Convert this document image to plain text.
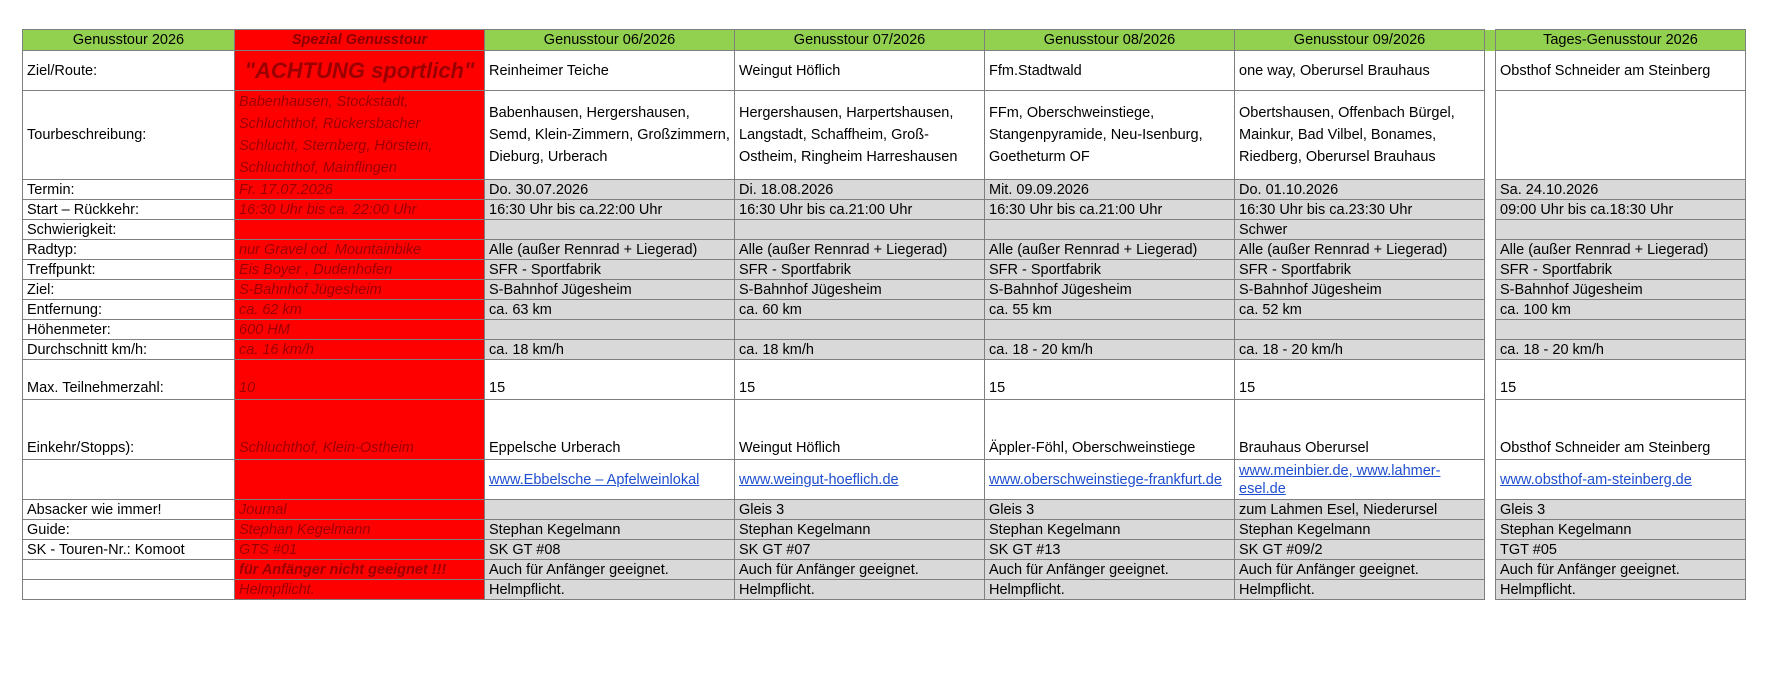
Genusstour 2026	Spezial Genusstour	Genusstour 06/2026	Genusstour 07/2026	Genusstour 08/2026	Genusstour 09/2026		Tages-Genusstour 2026
Ziel/Route:	"ACHTUNG sportlich"	Reinheimer Teiche	Weingut Höflich	Ffm.Stadtwald	one way, Oberursel Brauhaus		Obsthof Schneider am Steinberg
Tourbeschreibung:	Babenhausen, Stockstadt, Schluchthof, Rückersbacher Schlucht, Sternberg, Hörstein, Schluchthof, Mainflingen	Babenhausen, Hergershausen, Semd, Klein-Zimmern, Großzimmern, Dieburg, Urberach	Hergershausen, Harpertshausen, Langstadt, Schaffheim, Groß-Ostheim, Ringheim Harreshausen	FFm, Oberschweinstiege, Stangenpyramide, Neu-Isenburg, Goetheturm OF	Obertshausen, Offenbach Bürgel, Mainkur, Bad Vilbel, Bonames, Riedberg, Oberursel Brauhaus		
Termin:	Fr. 17.07.2026	Do. 30.07.2026	Di. 18.08.2026	Mit. 09.09.2026	Do. 01.10.2026		Sa. 24.10.2026
Start – Rückkehr:	16:30 Uhr bis ca. 22:00 Uhr	16:30 Uhr bis ca.22:00 Uhr	16:30 Uhr bis ca.21:00 Uhr	16:30 Uhr bis ca.21:00 Uhr	16:30 Uhr bis ca.23:30 Uhr		09:00 Uhr bis ca.18:30 Uhr
Schwierigkeit:					Schwer		
Radtyp:	nur Gravel od. Mountainbike	Alle (außer Rennrad + Liegerad)	Alle (außer Rennrad + Liegerad)	Alle (außer Rennrad + Liegerad)	Alle (außer Rennrad + Liegerad)		Alle (außer Rennrad + Liegerad)
Treffpunkt:	Eis Boyer , Dudenhofen	SFR - Sportfabrik	SFR - Sportfabrik	SFR - Sportfabrik	SFR - Sportfabrik		SFR - Sportfabrik
Ziel:	S-Bahnhof Jügesheim	S-Bahnhof Jügesheim	S-Bahnhof Jügesheim	S-Bahnhof Jügesheim	S-Bahnhof Jügesheim		S-Bahnhof Jügesheim
Entfernung:	ca. 62 km	ca. 63 km	ca. 60 km	ca. 55 km	ca. 52 km		ca. 100 km
Höhenmeter:	600 HM						
Durchschnitt km/h:	ca. 16 km/h	ca. 18 km/h	ca. 18 km/h	ca. 18 - 20 km/h	ca. 18 - 20 km/h		ca. 18 - 20 km/h
Max. Teilnehmerzahl:	10	15	15	15	15		15
Einkehr/Stopps):	Schluchthof, Klein-Ostheim	Eppelsche Urberach	Weingut Höflich	Äppler-Föhl, Oberschweinstiege	Brauhaus Oberursel		Obsthof Schneider am Steinberg
		www.Ebbelsche – Apfelweinlokal	www.weingut-hoeflich.de	www.oberschweinstiege-frankfurt.de	www.meinbier.de, www.lahmer-esel.de		www.obsthof-am-steinberg.de
Absacker wie immer!	Journal		Gleis 3	Gleis 3	zum Lahmen Esel, Niederursel		Gleis 3
Guide:	Stephan Kegelmann	Stephan Kegelmann	Stephan Kegelmann	Stephan Kegelmann	Stephan Kegelmann		Stephan Kegelmann
SK - Touren-Nr.: Komoot	GTS #01	SK GT #08	SK GT #07	SK GT #13	SK GT #09/2		TGT #05
	für Anfänger nicht geeignet !!!	Auch für Anfänger geeignet.	Auch für Anfänger geeignet.	Auch für Anfänger geeignet.	Auch für Anfänger geeignet.		Auch für Anfänger geeignet.
	Helmpflicht.	Helmpflicht.	Helmpflicht.	Helmpflicht.	Helmpflicht.		Helmpflicht.
